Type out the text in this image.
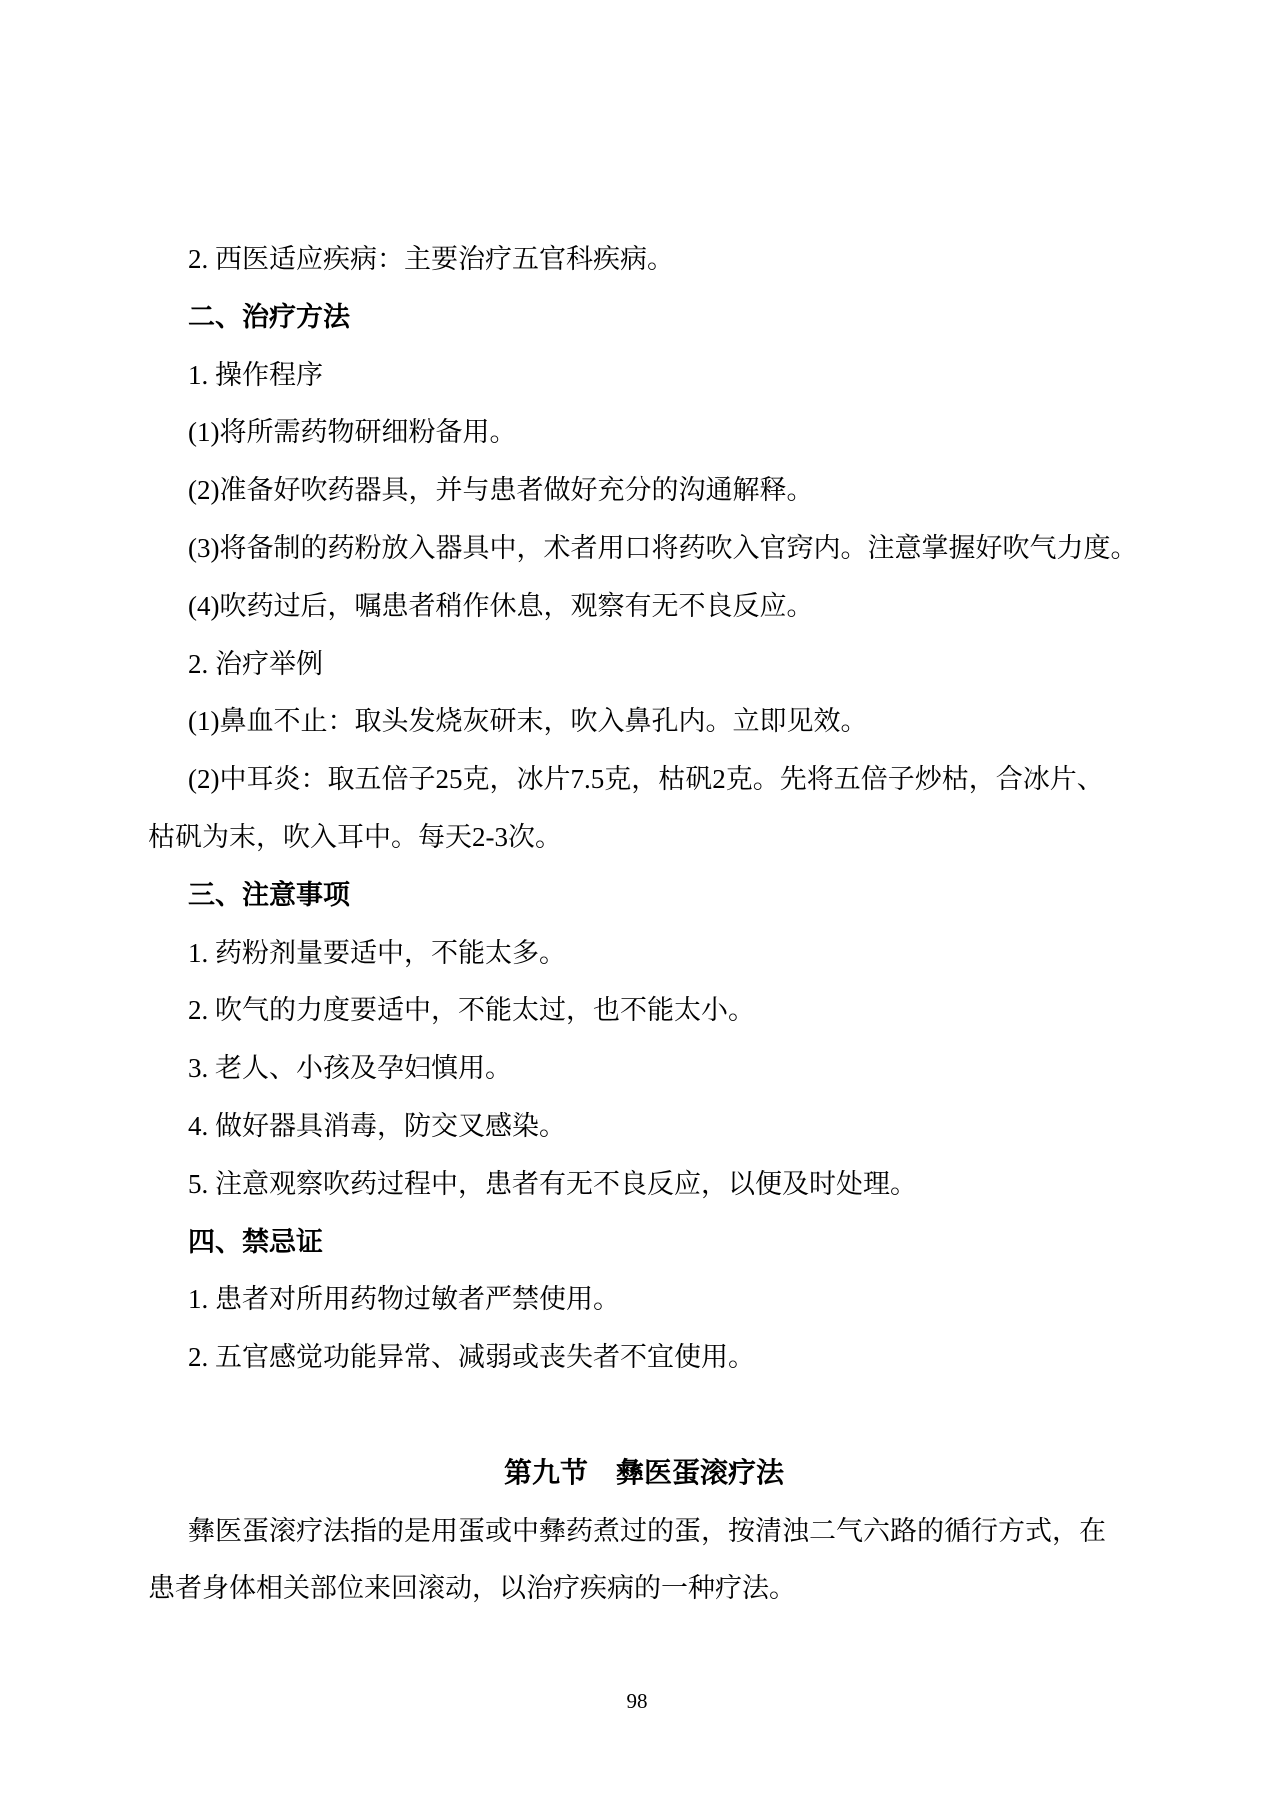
2. 西医适应疾病：主要治疗五官科疾病。
二、治疗方法
1. 操作程序
(1)将所需药物研细粉备用。
(2)准备好吹药器具，并与患者做好充分的沟通解释。
(3)将备制的药粉放入器具中，术者用口将药吹入官窍内。注意掌握好吹气力度。
(4)吹药过后，嘱患者稍作休息，观察有无不良反应。
2. 治疗举例
(1)鼻血不止：取头发烧灰研末，吹入鼻孔内。立即见效。
(2)中耳炎：取五倍子25克，冰片7.5克，枯矾2克。先将五倍子炒枯，合冰片、
枯矾为末，吹入耳中。每天2-3次。
三、注意事项
1. 药粉剂量要适中，不能太多。
2. 吹气的力度要适中，不能太过，也不能太小。
3. 老人、小孩及孕妇慎用。
4. 做好器具消毒，防交叉感染。
5. 注意观察吹药过程中，患者有无不良反应，以便及时处理。
四、禁忌证
1. 患者对所用药物过敏者严禁使用。
2. 五官感觉功能异常、减弱或丧失者不宜使用。

第九节　彝医蛋滚疗法
彝医蛋滚疗法指的是用蛋或中彝药煮过的蛋，按清浊二气六路的循行方式，在
患者身体相关部位来回滚动，以治疗疾病的一种疗法。
98
